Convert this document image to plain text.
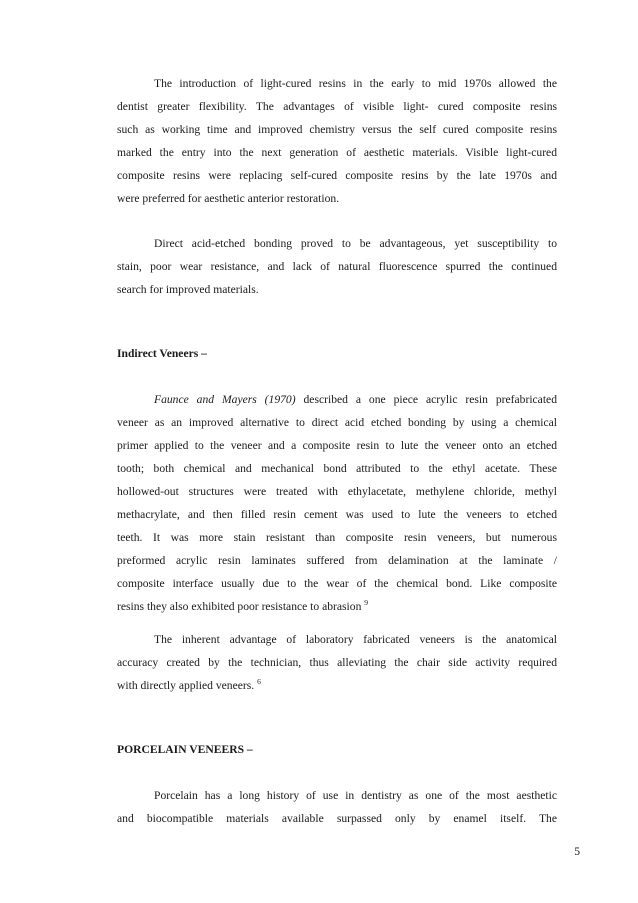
The introduction of light-cured resins in the early to mid 1970s allowed the
dentist greater flexibility. The advantages of visible light- cured composite resins
such as working time and improved chemistry versus the self cured composite resins
marked the entry into the next generation of aesthetic materials. Visible light-cured
composite resins were replacing self-cured composite resins by the late 1970s and
were preferred for aesthetic anterior restoration.
Direct acid-etched bonding proved to be advantageous, yet susceptibility to
stain, poor wear resistance, and lack of natural fluorescence spurred the continued
search for improved materials.
Indirect Veneers –
Faunce and Mayers (1970) described a one piece acrylic resin prefabricated
veneer as an improved alternative to direct acid etched bonding by using a chemical
primer applied to the veneer and a composite resin to lute the veneer onto an etched
tooth; both chemical and mechanical bond attributed to the ethyl acetate. These
hollowed-out structures were treated with ethylacetate, methylene chloride, methyl
methacrylate, and then filled resin cement was used to lute the veneers to etched
teeth. It was more stain resistant than composite resin veneers, but numerous
preformed acrylic resin laminates suffered from delamination at the laminate /
composite interface usually due to the wear of the chemical bond. Like composite
resins they also exhibited poor resistance to abrasion $^9$
The inherent advantage of laboratory fabricated veneers is the anatomical
accuracy created by the technician, thus alleviating the chair side activity required
with directly applied veneers. $^6$
PORCELAIN VENEERS –
Porcelain has a long history of use in dentistry as one of the most aesthetic
and biocompatible materials available surpassed only by enamel itself. The
5
